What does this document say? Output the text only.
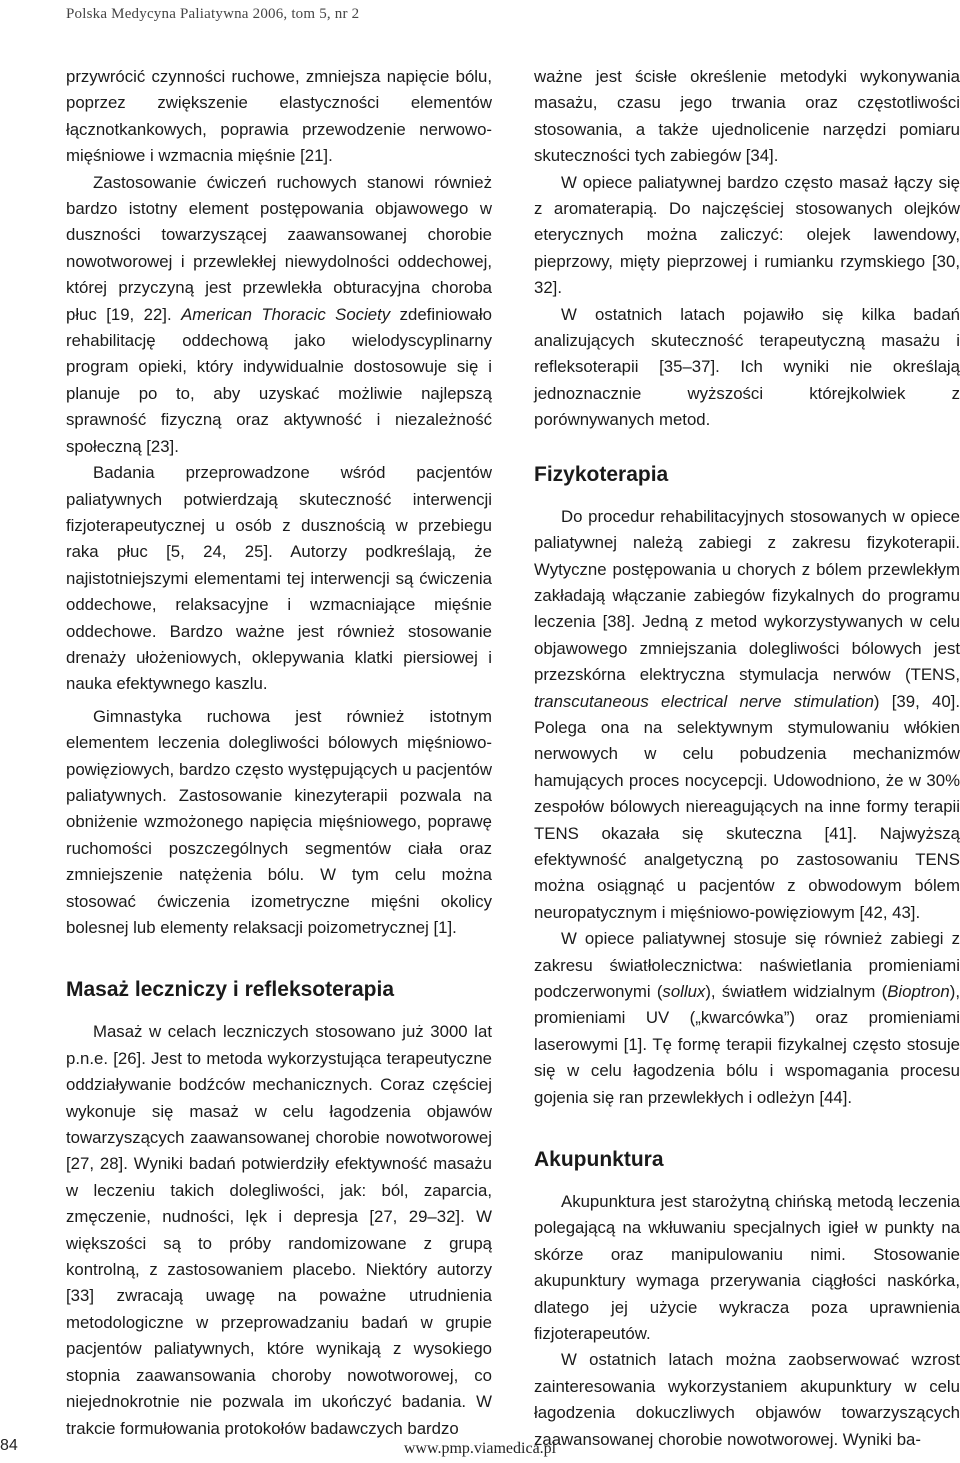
Polska Medycyna Paliatywna 2006, tom 5, nr 2

przywrócić czynności ruchowe, zmniejsza napięcie bólu, poprzez zwiększenie elastyczności elementów łącznotkankowych, poprawia przewodzenie nerwowo-mięśniowe i wzmacnia mięśnie [21].

Zastosowanie ćwiczeń ruchowych stanowi również bardzo istotny element postępowania objawowego w duszności towarzyszącej zaawansowanej chorobie nowotworowej i przewlekłej niewydolności oddechowej, której przyczyną jest przewlekła obturacyjna choroba płuc [19, 22]. American Thoracic Society zdefiniowało rehabilitację oddechową jako wielodyscyplinarny program opieki, który indywidualnie dostosowuje się i planuje po to, aby uzyskać możliwie najlepszą sprawność fizyczną oraz aktywność i niezależność społeczną [23].

Badania przeprowadzone wśród pacjentów paliatywnych potwierdzają skuteczność interwencji fizjoterapeutycznej u osób z dusznością w przebiegu raka płuc [5, 24, 25]. Autorzy podkreślają, że najistotniejszymi elementami tej interwencji są ćwiczenia oddechowe, relaksacyjne i wzmacniające mięśnie oddechowe. Bardzo ważne jest również stosowanie drenaży ułożeniowych, oklepywania klatki piersiowej i nauka efektywnego kaszlu.

Gimnastyka ruchowa jest również istotnym elementem leczenia dolegliwości bólowych mięśniowo-powięziowych, bardzo często występujących u pacjentów paliatywnych. Zastosowanie kinezyterapii pozwala na obniżenie wzmożonego napięcia mięśniowego, poprawę ruchomości poszczególnych segmentów ciała oraz zmniejszenie natężenia bólu. W tym celu można stosować ćwiczenia izometryczne mięśni okolicy bolesnej lub elementy relaksacji poizometrycznej [1].

Masaż leczniczy i refleksoterapia

Masaż w celach leczniczych stosowano już 3000 lat p.n.e. [26]. Jest to metoda wykorzystująca terapeutyczne oddziaływanie bodźców mechanicznych. Coraz częściej wykonuje się masaż w celu łagodzenia objawów towarzyszących zaawansowanej chorobie nowotworowej [27, 28]. Wyniki badań potwierdziły efektywność masażu w leczeniu takich dolegliwości, jak: ból, zaparcia, zmęczenie, nudności, lęk i depresja [27, 29–32]. W większości są to próby randomizowane z grupą kontrolną, z zastosowaniem placebo. Niektóry autorzy [33] zwracają uwagę na poważne utrudnienia metodologiczne w przeprowadzaniu badań w grupie pacjentów paliatywnych, które wynikają z wysokiego stopnia zaawansowania choroby nowotworowej, co niejednokrotnie nie pozwala im ukończyć badania. W trakcie formułowania protokołów badawczych bardzo

ważne jest ścisłe określenie metodyki wykonywania masażu, czasu jego trwania oraz częstotliwości stosowania, a także ujednolicenie narzędzi pomiaru skuteczności tych zabiegów [34].

W opiece paliatywnej bardzo często masaż łączy się z aromaterapią. Do najczęściej stosowanych olejków eterycznych można zaliczyć: olejek lawendowy, pieprzowy, mięty pieprzowej i rumianku rzymskiego [30, 32].

W ostatnich latach pojawiło się kilka badań analizujących skuteczność terapeutyczną masażu i refleksoterapii [35–37]. Ich wyniki nie określają jednoznacznie wyższości którejkolwiek z porównywanych metod.

Fizykoterapia

Do procedur rehabilitacyjnych stosowanych w opiece paliatywnej należą zabiegi z zakresu fizykoterapii. Wytyczne postępowania u chorych z bólem przewlekłym zakładają włączanie zabiegów fizykalnych do programu leczenia [38]. Jedną z metod wykorzystywanych w celu objawowego zmniejszania dolegliwości bólowych jest przezskórna elektryczna stymulacja nerwów (TENS, transcutaneous electrical nerve stimulation) [39, 40]. Polega ona na selektywnym stymulowaniu włókien nerwowych w celu pobudzenia mechanizmów hamujących proces nocycepcji. Udowodniono, że w 30% zespołów bólowych niereagujących na inne formy terapii TENS okazała się skuteczna [41]. Najwyższą efektywność analgetyczną po zastosowaniu TENS można osiągnąć u pacjentów z obwodowym bólem neuropatycznym i mięśniowo-powięziowym [42, 43].

W opiece paliatywnej stosuje się również zabiegi z zakresu światłolecznictwa: naświetlania promieniami podczerwonymi (sollux), światłem widzialnym (Bioptron), promieniami UV („kwarcówka”) oraz promieniami laserowymi [1]. Tę formę terapii fizykalnej często stosuje się w celu łagodzenia bólu i wspomagania procesu gojenia się ran przewlekłych i odleżyn [44].

Akupunktura

Akupunktura jest starożytną chińską metodą leczenia polegającą na wkłuwaniu specjalnych igieł w punkty na skórze oraz manipulowaniu nimi. Stosowanie akupunktury wymaga przerywania ciągłości naskórka, dlatego jej użycie wykracza poza uprawnienia fizjoterapeutów.

W ostatnich latach można zaobserwować wzrost zainteresowania wykorzystaniem akupunktury w celu łagodzenia dokuczliwych objawów towarzyszących zaawansowanej chorobie nowotworowej. Wyniki ba-

84	www.pmp.viamedica.pl
